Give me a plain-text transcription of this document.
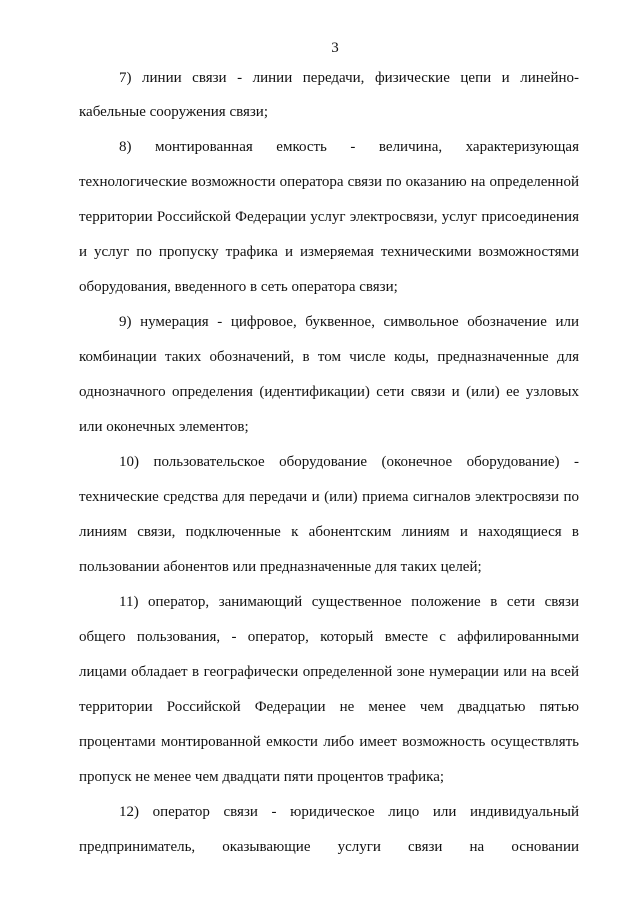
3
7) линии связи - линии передачи, физические цепи и линейно-
кабельные сооружения связи;
8) монтированная емкость - величина, характеризующая
технологические возможности оператора связи по оказанию на определенной
территории Российской Федерации услуг электросвязи, услуг присоединения
и услуг по пропуску трафика и измеряемая техническими возможностями
оборудования, введенного в сеть оператора связи;
9) нумерация - цифровое, буквенное, символьное обозначение или
комбинации таких обозначений, в том числе коды, предназначенные для
однозначного определения (идентификации) сети связи и (или) ее узловых
или оконечных элементов;
10) пользовательское оборудование (оконечное оборудование) -
технические средства для передачи и (или) приема сигналов электросвязи по
линиям связи, подключенные к абонентским линиям и находящиеся в
пользовании абонентов или предназначенные для таких целей;
11) оператор, занимающий существенное положение в сети связи
общего пользования, - оператор, который вместе с аффилированными
лицами обладает в географически определенной зоне нумерации или на всей
территории Российской Федерации не менее чем двадцатью пятью
процентами монтированной емкости либо имеет возможность осуществлять
пропуск не менее чем двадцати пяти процентов трафика;
12) оператор связи - юридическое лицо или индивидуальный
предприниматель, оказывающие услуги связи на основании
